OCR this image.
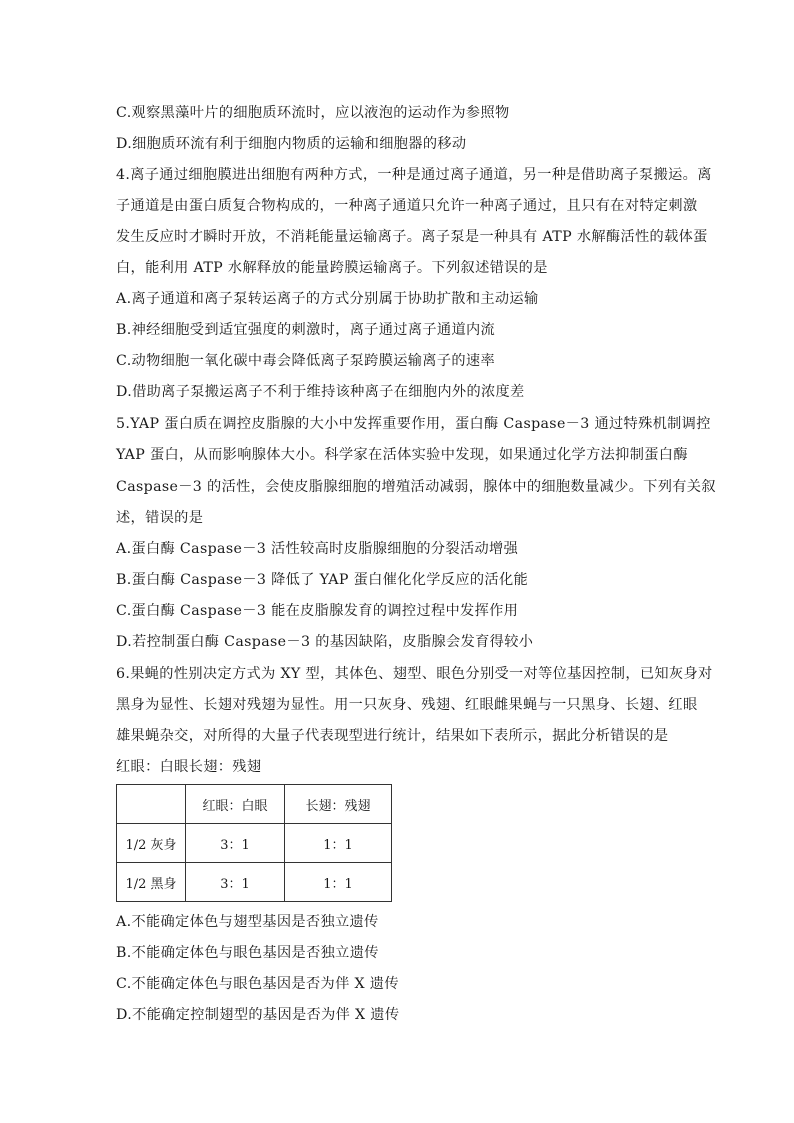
C.观察黑藻叶片的细胞质环流时，应以液泡的运动作为参照物
D.细胞质环流有利于细胞内物质的运输和细胞器的移动
4.离子通过细胞膜进出细胞有两种方式，一种是通过离子通道，另一种是借助离子泵搬运。离
子通道是由蛋白质复合物构成的，一种离子通道只允许一种离子通过，且只有在对特定刺激
发生反应时才瞬时开放，不消耗能量运输离子。离子泵是一种具有 ATP 水解酶活性的载体蛋
白，能利用 ATP 水解释放的能量跨膜运输离子。下列叙述错误的是
A.离子通道和离子泵转运离子的方式分别属于协助扩散和主动运输
B.神经细胞受到适宜强度的刺激时，离子通过离子通道内流
C.动物细胞一氧化碳中毒会降低离子泵跨膜运输离子的速率
D.借助离子泵搬运离子不利于维持该种离子在细胞内外的浓度差
5.YAP 蛋白质在调控皮脂腺的大小中发挥重要作用，蛋白酶 Caspase－3 通过特殊机制调控
YAP 蛋白，从而影响腺体大小。科学家在活体实验中发现，如果通过化学方法抑制蛋白酶
Caspase－3 的活性，会使皮脂腺细胞的增殖活动减弱，腺体中的细胞数量减少。下列有关叙
述，错误的是
A.蛋白酶 Caspase－3 活性较高时皮脂腺细胞的分裂活动增强
B.蛋白酶 Caspase－3 降低了 YAP 蛋白催化化学反应的活化能
C.蛋白酶 Caspase－3 能在皮脂腺发育的调控过程中发挥作用
D.若控制蛋白酶 Caspase－3 的基因缺陷，皮脂腺会发育得较小
6.果蝇的性别决定方式为 XY 型，其体色、翅型、眼色分别受一对等位基因控制，已知灰身对
黑身为显性、长翅对残翅为显性。用一只灰身、残翅、红眼雌果蝇与一只黑身、长翅、红眼
雄果蝇杂交，对所得的大量子代表现型进行统计，结果如下表所示，据此分析错误的是
红眼：白眼长翅：残翅
	红眼：白眼	长翅：残翅
1/2 灰身	3：1	1：1
1/2 黑身	3：1	1：1
A.不能确定体色与翅型基因是否独立遗传
B.不能确定体色与眼色基因是否独立遗传
C.不能确定体色与眼色基因是否为伴 X 遗传
D.不能确定控制翅型的基因是否为伴 X 遗传
